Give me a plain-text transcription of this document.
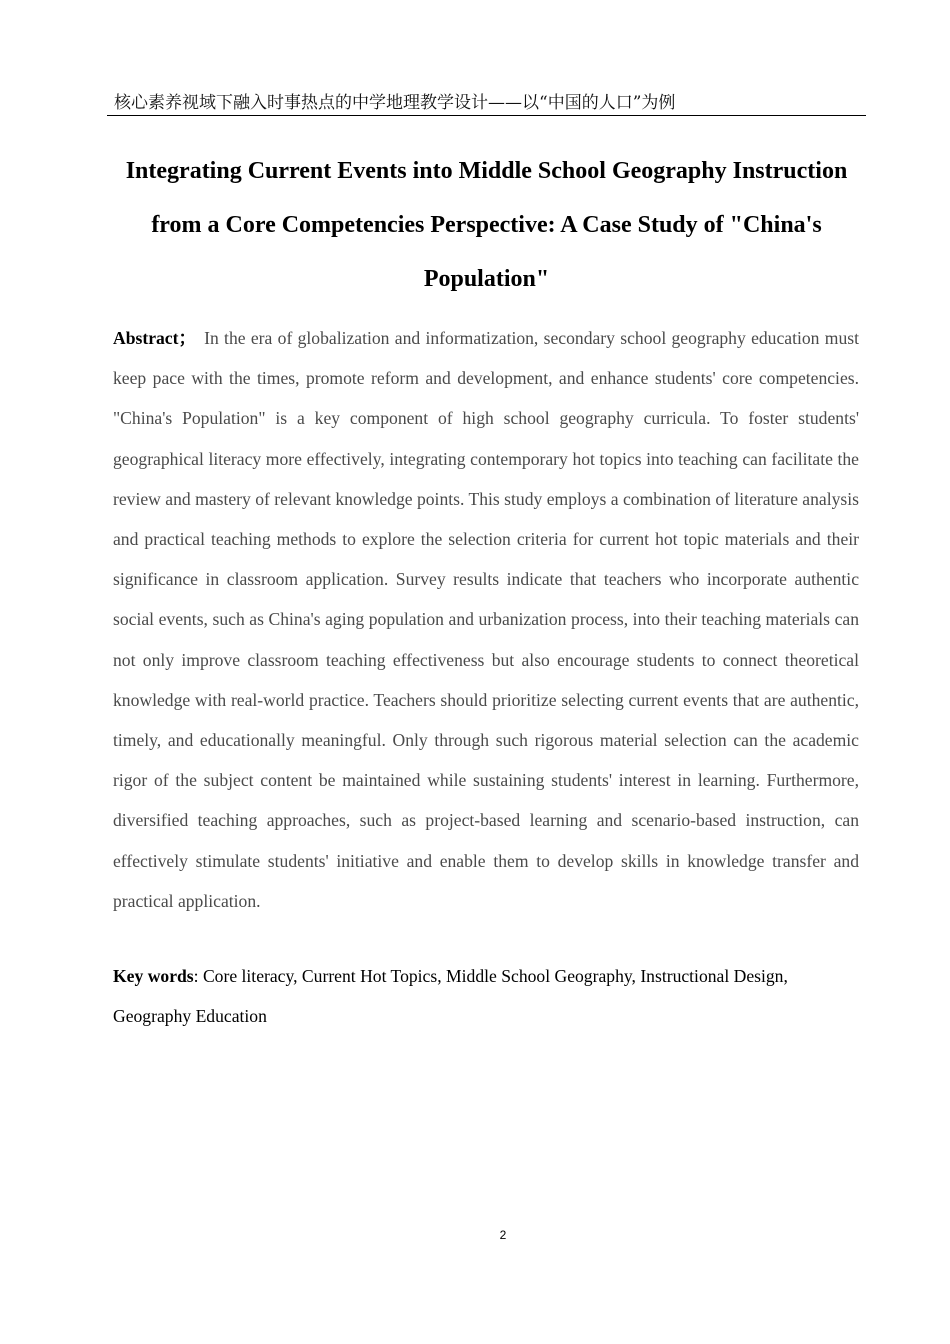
核心素养视域下融入时事热点的中学地理教学设计——以“中国的人口”为例
Integrating Current Events into Middle School Geography Instruction from a Core Competencies Perspective: A Case Study of "China's Population"

Abstract； In the era of globalization and informatization, secondary school geography education must keep pace with the times, promote reform and development, and enhance students' core competencies. "China's Population" is a key component of high school geography curricula. To foster students' geographical literacy more effectively, integrating contemporary hot topics into teaching can facilitate the review and mastery of relevant knowledge points. This study employs a combination of literature analysis and practical teaching methods to explore the selection criteria for current hot topic materials and their significance in classroom application. Survey results indicate that teachers who incorporate authentic social events, such as China's aging population and urbanization process, into their teaching materials can not only improve classroom teaching effectiveness but also encourage students to connect theoretical knowledge with real-world practice. Teachers should prioritize selecting current events that are authentic, timely, and educationally meaningful. Only through such rigorous material selection can the academic rigor of the subject content be maintained while sustaining students' interest in learning. Furthermore, diversified teaching approaches, such as project-based learning and scenario-based instruction, can effectively stimulate students' initiative and enable them to develop skills in knowledge transfer and practical application.

Key words: Core literacy, Current Hot Topics, Middle School Geography, Instructional Design, Geography Education

2
